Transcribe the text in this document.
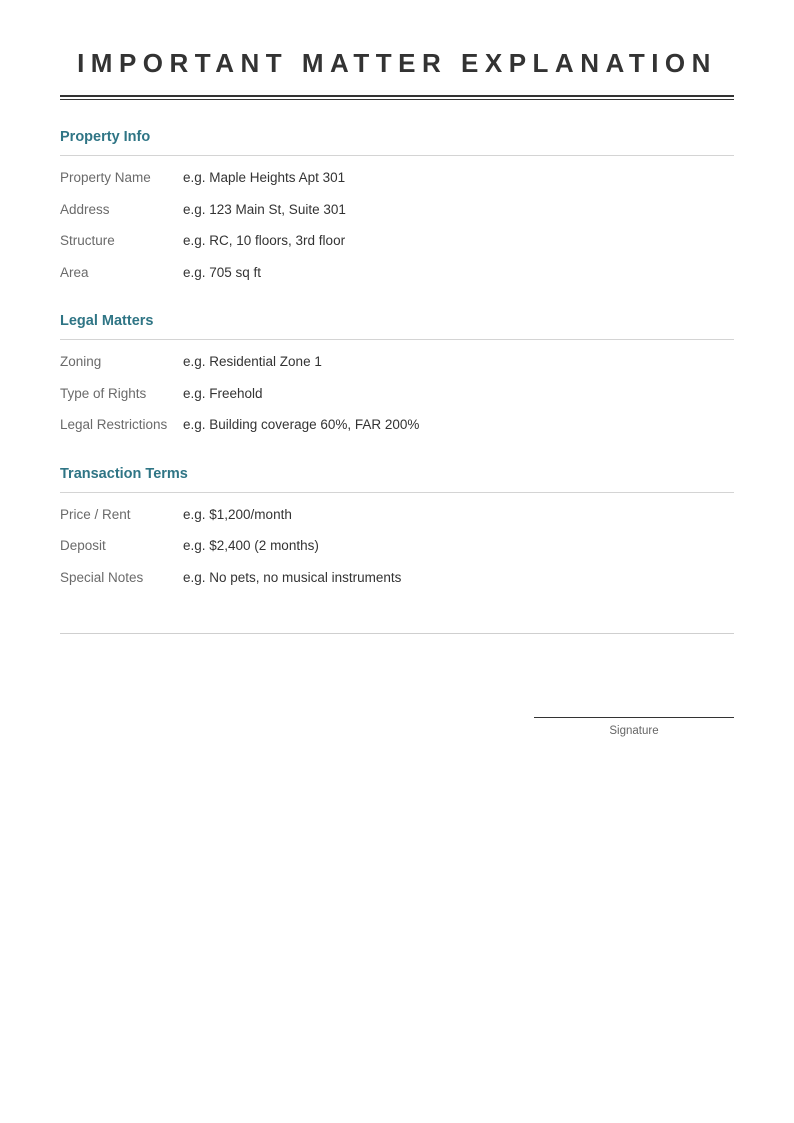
IMPORTANT MATTER EXPLANATION
Property Info
Property Name	e.g. Maple Heights Apt 301
Address	e.g. 123 Main St, Suite 301
Structure	e.g. RC, 10 floors, 3rd floor
Area	e.g. 705 sq ft
Legal Matters
Zoning	e.g. Residential Zone 1
Type of Rights	e.g. Freehold
Legal Restrictions	e.g. Building coverage 60%, FAR 200%
Transaction Terms
Price / Rent	e.g. $1,200/month
Deposit	e.g. $2,400 (2 months)
Special Notes	e.g. No pets, no musical instruments
Signature
